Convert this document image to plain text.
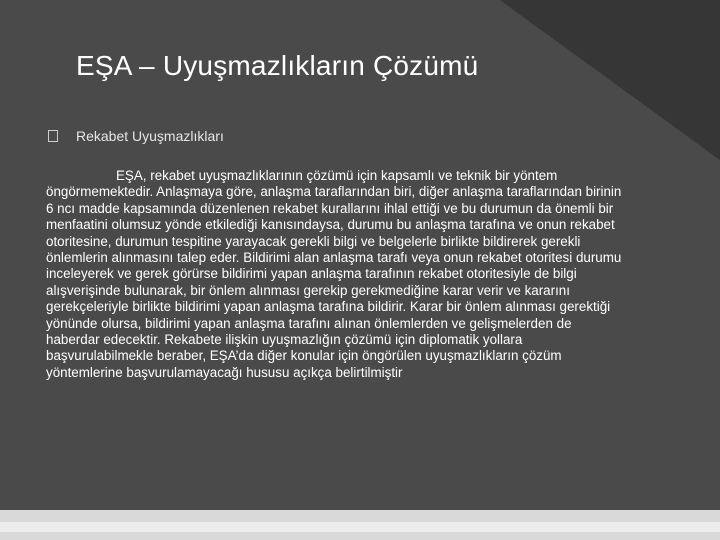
EŞA – Uyuşmazlıkların Çözümü
Rekabet Uyuşmazlıkları
EŞA, rekabet uyuşmazlıklarının çözümü için kapsamlı ve teknik bir yöntem öngörmemektedir. Anlaşmaya göre, anlaşma taraflarından biri, diğer anlaşma taraflarından birinin 6 ncı madde kapsamında düzenlenen rekabet kurallarını ihlal ettiği ve bu durumun da önemli bir menfaatini olumsuz yönde etkilediği kanısındaysa, durumu bu anlaşma tarafına ve onun rekabet otoritesine, durumun tespitine yarayacak gerekli bilgi ve belgelerle birlikte bildirerek gerekli önlemlerin alınmasını talep eder. Bildirimi alan anlaşma tarafı veya onun rekabet otoritesi durumu inceleyerek ve gerek görürse bildirimi yapan anlaşma tarafının rekabet otoritesiyle de bilgi alışverişinde bulunarak, bir önlem alınması gerekip gerekmediğine karar verir ve kararını gerekçeleriyle birlikte bildirimi yapan anlaşma tarafına bildirir. Karar bir önlem alınması gerektiği yönünde olursa, bildirimi yapan anlaşma tarafını alınan önlemlerden ve gelişmelerden de haberdar edecektir. Rekabete ilişkin uyuşmazlığın çözümü için diplomatik yollara başvurulabilmekle beraber, EŞA’da diğer konular için öngörülen uyuşmazlıkların çözüm yöntemlerine başvurulamayacağı hususu açıkça belirtilmiştir
